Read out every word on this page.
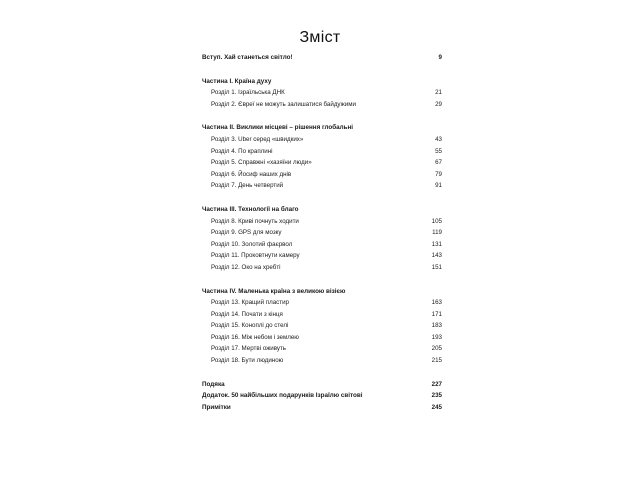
Зміст
Вступ. Хай станеться світло!	9
Частина I. Країна духу
Розділ 1. Ізраїльська ДНК	21
Розділ 2. Євреї не можуть залишатися байдужими	29
Частина II. Виклики місцеві – рішення глобальні
Розділ 3. Uber серед «швидких»	43
Розділ 4. По краплині	55
Розділ 5. Справжні «хазяїни люди»	67
Розділ 6. Йосиф наших днів	79
Розділ 7. День четвертий	91
Частина III. Технології на благо
Розділ 8. Криві почнуть ходити	105
Розділ 9. GPS для мозку	119
Розділ 10. Золотий фаєрвол	131
Розділ 11. Проковтнути камеру	143
Розділ 12. Око на хребті	151
Частина IV. Маленька країна з великою візією
Розділ 13. Кращий пластир	163
Розділ 14. Почати з кінця	171
Розділ 15. Коноплі до стелі	183
Розділ 16. Між небом і землею	193
Розділ 17. Мертві оживуть	205
Розділ 18. Бути людиною	215
Подяка	227
Додаток. 50 найбільших подарунків Ізраїлю світові	235
Примітки	245
